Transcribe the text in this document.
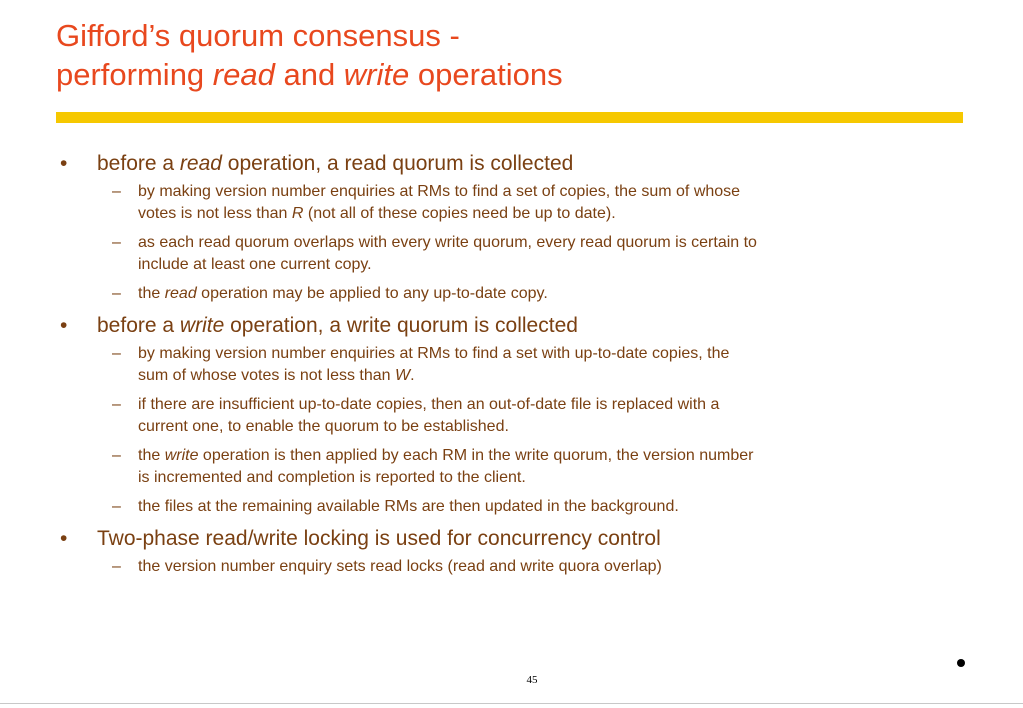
Gifford’s quorum consensus -
performing read and write operations
• before a read operation, a read quorum is collected
– by making version number enquiries at RMs to find a set of copies, the sum of whose
votes is not less than R (not all of these copies need be up to date).
– as each read quorum overlaps with every write quorum, every read quorum is certain to
include at least one current copy.
– the read operation may be applied to any up-to-date copy.
• before a write operation, a write quorum is collected
– by making version number enquiries at RMs to find a set with up-to-date copies, the
sum of whose votes is not less than W.
– if there are insufficient up-to-date copies, then an out-of-date file is replaced with a
current one, to enable the quorum to be established.
– the write operation is then applied by each RM in the write quorum, the version number
is incremented and completion is reported to the client.
– the files at the remaining available RMs are then updated in the background.
• Two-phase read/write locking is used for concurrency control
– the version number enquiry sets read locks (read and write quora overlap)
45
